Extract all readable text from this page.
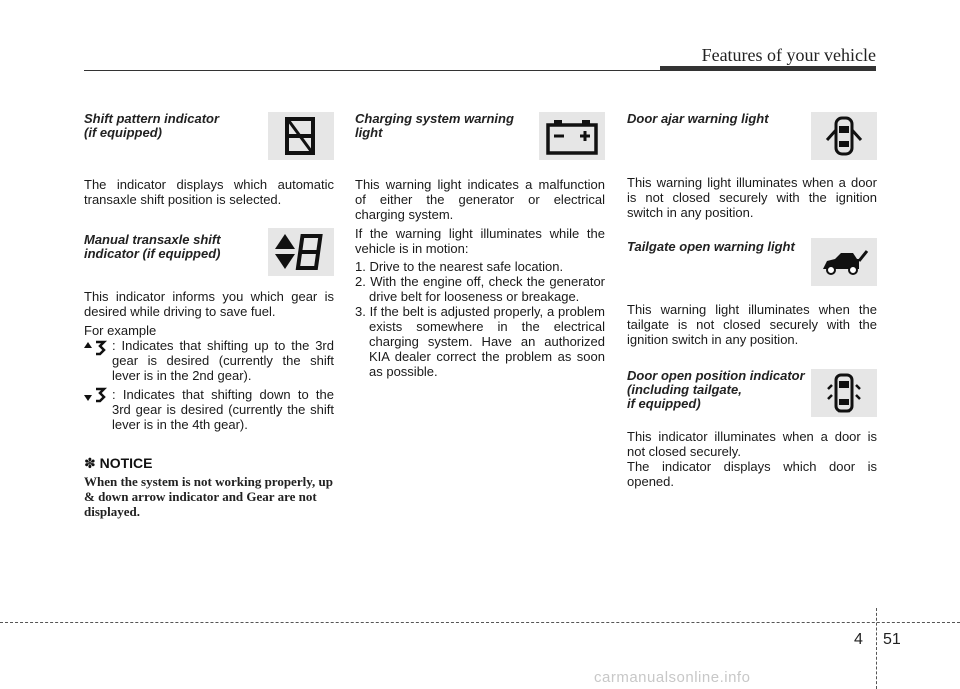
Features of your vehicle
Shift pattern indicator
(if equipped)

The indicator displays which automatic transaxle shift position is selected.

Manual transaxle shift
indicator (if equipped)

This indicator informs you which gear is desired while driving to save fuel.

For example

: Indicates that shifting up to the 3rd gear is desired (currently the shift lever is in the 2nd gear).
: Indicates that shifting down to the 3rd gear is desired (currently the shift lever is in the 4th gear).
✽ NOTICE

When the system is not working properly, up & down arrow indicator and Gear are not displayed.

Charging system warning
light

This warning light indicates a malfunction of either the generator or electrical charging system.

If the warning light illuminates while the vehicle is in motion:

1. Drive to the nearest safe location.
2. With the engine off, check the generator drive belt for looseness or breakage.
3. If the belt is adjusted properly, a problem exists somewhere in the electrical charging system. Have an authorized KIA dealer correct the problem as soon as possible.
Door ajar warning light

This warning light illuminates when a door is not closed securely with the ignition switch in any position.

Tailgate open warning light

This warning light illuminates when the tailgate is not closed securely with the ignition switch in any position.

Door open position indicator
(including tailgate,
if equipped)

This indicator illuminates when a door is not closed securely.

The indicator displays which door is opened.

4 51
carmanualsonline.info
